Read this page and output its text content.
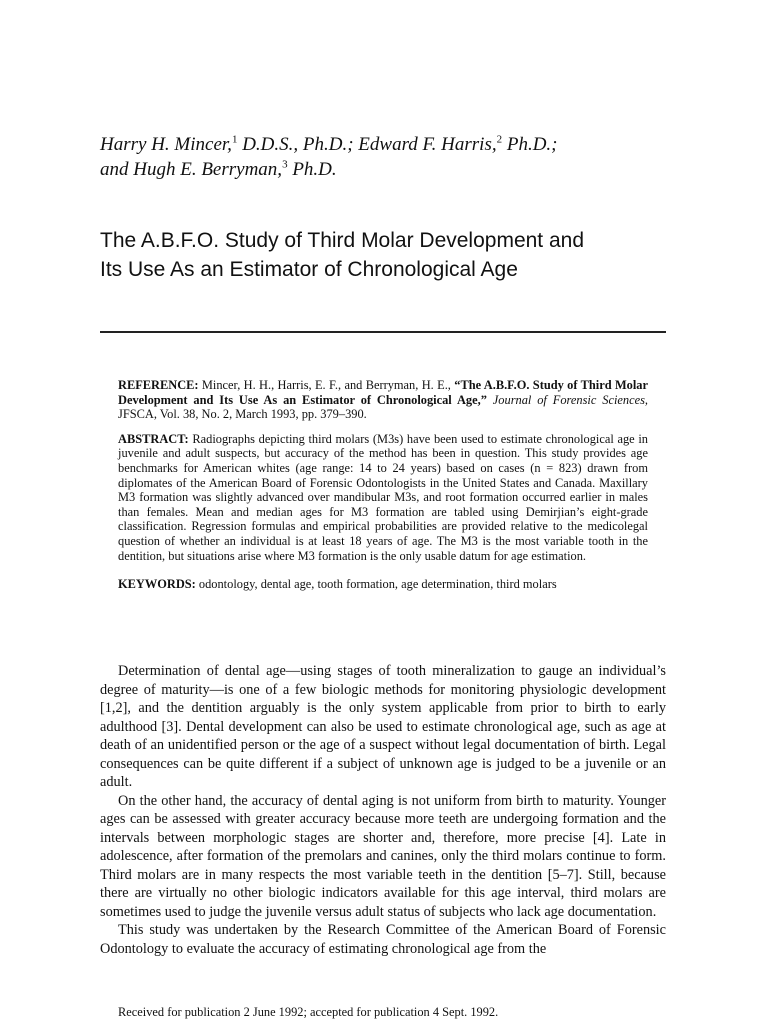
Harry H. Mincer,$^1$ D.D.S., Ph.D.; Edward F. Harris,$^2$ Ph.D.;
and Hugh E. Berryman,$^3$ Ph.D.
The A.B.F.O. Study of Third Molar Development and
Its Use As an Estimator of Chronological Age

REFERENCE: Mincer, H. H., Harris, E. F., and Berryman, H. E., “The A.B.F.O. Study of Third Molar Development and Its Use As an Estimator of Chronological Age,” Journal of Forensic Sciences, JFSCA, Vol. 38, No. 2, March 1993, pp. 379–390.

ABSTRACT: Radiographs depicting third molars (M3s) have been used to estimate chronological age in juvenile and adult suspects, but accuracy of the method has been in question. This study provides age benchmarks for American whites (age range: 14 to 24 years) based on cases (n = 823) drawn from diplomates of the American Board of Forensic Odontologists in the United States and Canada. Maxillary M3 formation was slightly advanced over mandibular M3s, and root formation occurred earlier in males than females. Mean and median ages for M3 formation are tabled using Demirjian’s eight-grade classification. Regression formulas and empirical probabilities are provided relative to the medicolegal question of whether an individual is at least 18 years of age. The M3 is the most variable tooth in the dentition, but situations arise where M3 formation is the only usable datum for age estimation.

KEYWORDS: odontology, dental age, tooth formation, age determination, third molars

Determination of dental age—using stages of tooth mineralization to gauge an individual’s degree of maturity—is one of a few biologic methods for monitoring physiologic development [1,2], and the dentition arguably is the only system applicable from prior to birth to early adulthood [3]. Dental development can also be used to estimate chronological age, such as age at death of an unidentified person or the age of a suspect without legal documentation of birth. Legal consequences can be quite different if a subject of unknown age is judged to be a juvenile or an adult.

On the other hand, the accuracy of dental aging is not uniform from birth to maturity. Younger ages can be assessed with greater accuracy because more teeth are undergoing formation and the intervals between morphologic stages are shorter and, therefore, more precise [4]. Late in adolescence, after formation of the premolars and canines, only the third molars continue to form. Third molars are in many respects the most variable teeth in the dentition [5–7]. Still, because there are virtually no other biologic indicators available for this age interval, third molars are sometimes used to judge the juvenile versus adult status of subjects who lack age documentation.

This study was undertaken by the Research Committee of the American Board of Forensic Odontology to evaluate the accuracy of estimating chronological age from the

Received for publication 2 June 1992; accepted for publication 4 Sept. 1992.
